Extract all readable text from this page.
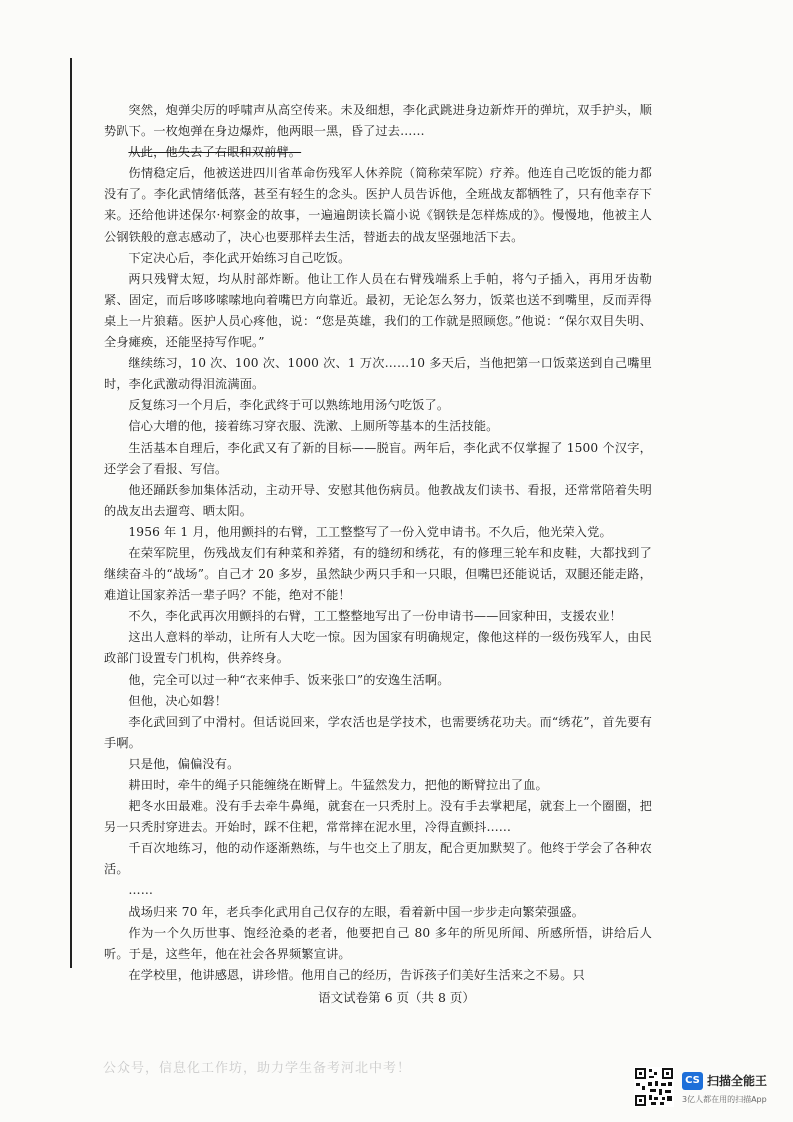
突然，炮弹尖厉的呼啸声从高空传来。未及细想，李化武跳进身边新炸开的弹坑，双手护头，顺势趴下。一枚炮弹在身边爆炸，他两眼一黑，昏了过去……

从此，他失去了右眼和双前臂。

伤情稳定后，他被送进四川省革命伤残军人休养院（简称荣军院）疗养。他连自己吃饭的能力都没有了。李化武情绪低落，甚至有轻生的念头。医护人员告诉他，全班战友都牺牲了，只有他幸存下来。还给他讲述保尔·柯察金的故事，一遍遍朗读长篇小说《钢铁是怎样炼成的》。慢慢地，他被主人公钢铁般的意志感动了，决心也要那样去生活，替逝去的战友坚强地活下去。

下定决心后，李化武开始练习自己吃饭。

两只残臂太短，均从肘部炸断。他让工作人员在右臂残端系上手帕，将勺子插入，再用牙齿勒紧、固定，而后哆哆嗦嗦地向着嘴巴方向靠近。最初，无论怎么努力，饭菜也送不到嘴里，反而弄得桌上一片狼藉。医护人员心疼他，说：“您是英雄，我们的工作就是照顾您。”他说：“保尔双目失明、全身瘫痪，还能坚持写作呢。”

继续练习，10 次、100 次、1000 次、1 万次……10 多天后，当他把第一口饭菜送到自己嘴里时，李化武激动得泪流满面。

反复练习一个月后，李化武终于可以熟练地用汤勺吃饭了。

信心大增的他，接着练习穿衣服、洗漱、上厕所等基本的生活技能。

生活基本自理后，李化武又有了新的目标——脱盲。两年后，李化武不仅掌握了 1500 个汉字，还学会了看报、写信。

他还踊跃参加集体活动，主动开导、安慰其他伤病员。他教战友们读书、看报，还常常陪着失明的战友出去遛弯、晒太阳。

1956 年 1 月，他用颤抖的右臂，工工整整写了一份入党申请书。不久后，他光荣入党。

在荣军院里，伤残战友们有种菜和养猪，有的缝纫和绣花，有的修理三轮车和皮鞋，大都找到了继续奋斗的“战场”。自己才 20 多岁，虽然缺少两只手和一只眼，但嘴巴还能说话，双腿还能走路，难道让国家养活一辈子吗？不能，绝对不能！

不久，李化武再次用颤抖的右臂，工工整整地写出了一份申请书——回家种田，支援农业！

这出人意料的举动，让所有人大吃一惊。因为国家有明确规定，像他这样的一级伤残军人，由民政部门设置专门机构，供养终身。

他，完全可以过一种“衣来伸手、饭来张口”的安逸生活啊。

但他，决心如磐！

李化武回到了中滑村。但话说回来，学农活也是学技术，也需要绣花功夫。而“绣花”，首先要有手啊。

只是他，偏偏没有。

耕田时，牵牛的绳子只能缠绕在断臂上。牛猛然发力，把他的断臂拉出了血。

耙冬水田最难。没有手去牵牛鼻绳，就套在一只秃肘上。没有手去掌耙尾，就套上一个圈圈，把另一只秃肘穿进去。开始时，踩不住耙，常常摔在泥水里，冷得直颤抖……

千百次地练习，他的动作逐渐熟练，与牛也交上了朋友，配合更加默契了。他终于学会了各种农活。

……

战场归来 70 年，老兵李化武用自己仅存的左眼，看着新中国一步步走向繁荣强盛。

作为一个久历世事、饱经沧桑的老者，他要把自己 80 多年的所见所闻、所感所悟，讲给后人听。于是，这些年，他在社会各界频繁宣讲。

在学校里，他讲感恩，讲珍惜。他用自己的经历，告诉孩子们美好生活来之不易。只

语文试卷第 6 页（共 8 页）
公众号，信息化工作坊，助力学生备考河北中考！
CS 扫描全能王
3亿人都在用的扫描App
